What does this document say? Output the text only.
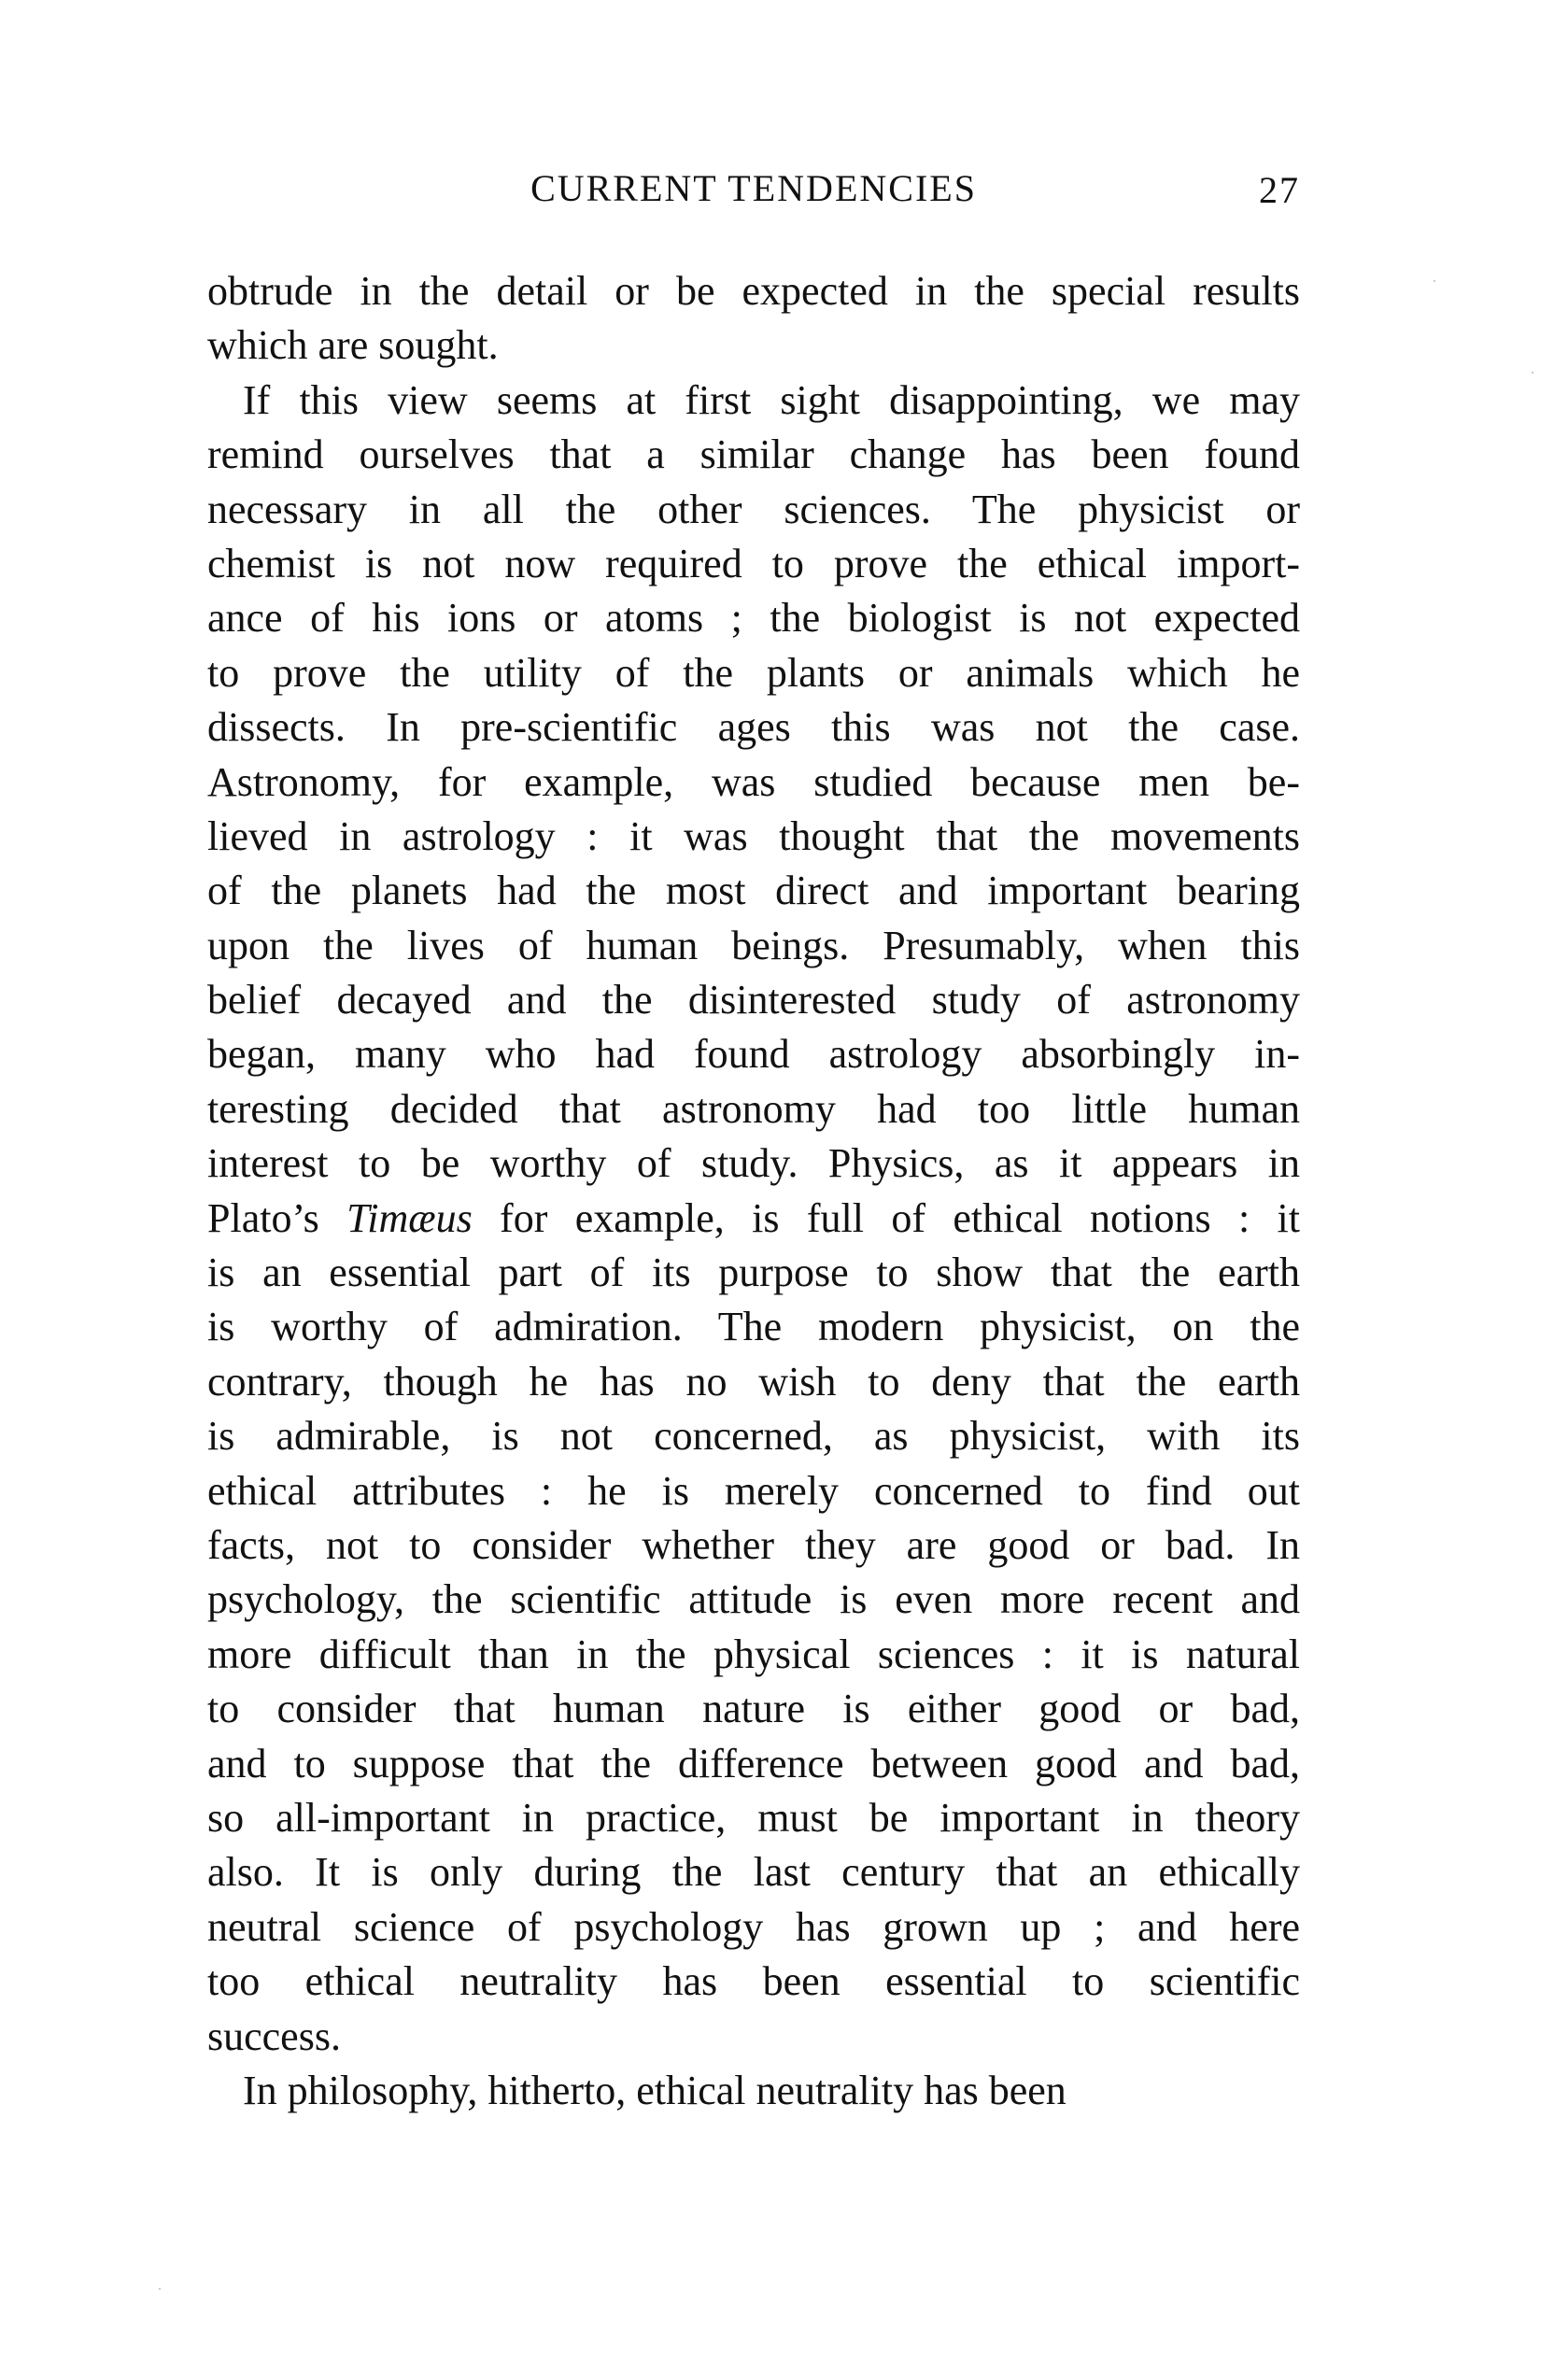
CURRENT TENDENCIES	27
obtrude in the detail or be expected in the special results
which are sought.
If this view seems at first sight disappointing, we may
remind ourselves that a similar change has been found
necessary in all the other sciences. The physicist or
chemist is not now required to prove the ethical import-
ance of his ions or atoms ; the biologist is not expected
to prove the utility of the plants or animals which he
dissects. In pre-scientific ages this was not the case.
Astronomy, for example, was studied because men be-
lieved in astrology : it was thought that the movements
of the planets had the most direct and important bearing
upon the lives of human beings. Presumably, when this
belief decayed and the disinterested study of astronomy
began, many who had found astrology absorbingly in-
teresting decided that astronomy had too little human
interest to be worthy of study. Physics, as it appears in
Plato’s Timæus for example, is full of ethical notions : it
is an essential part of its purpose to show that the earth
is worthy of admiration. The modern physicist, on the
contrary, though he has no wish to deny that the earth
is admirable, is not concerned, as physicist, with its
ethical attributes : he is merely concerned to find out
facts, not to consider whether they are good or bad. In
psychology, the scientific attitude is even more recent and
more difficult than in the physical sciences : it is natural
to consider that human nature is either good or bad,
and to suppose that the difference between good and bad,
so all-important in practice, must be important in theory
also. It is only during the last century that an ethically
neutral science of psychology has grown up ; and here
too ethical neutrality has been essential to scientific
success.
In philosophy, hitherto, ethical neutrality has been
